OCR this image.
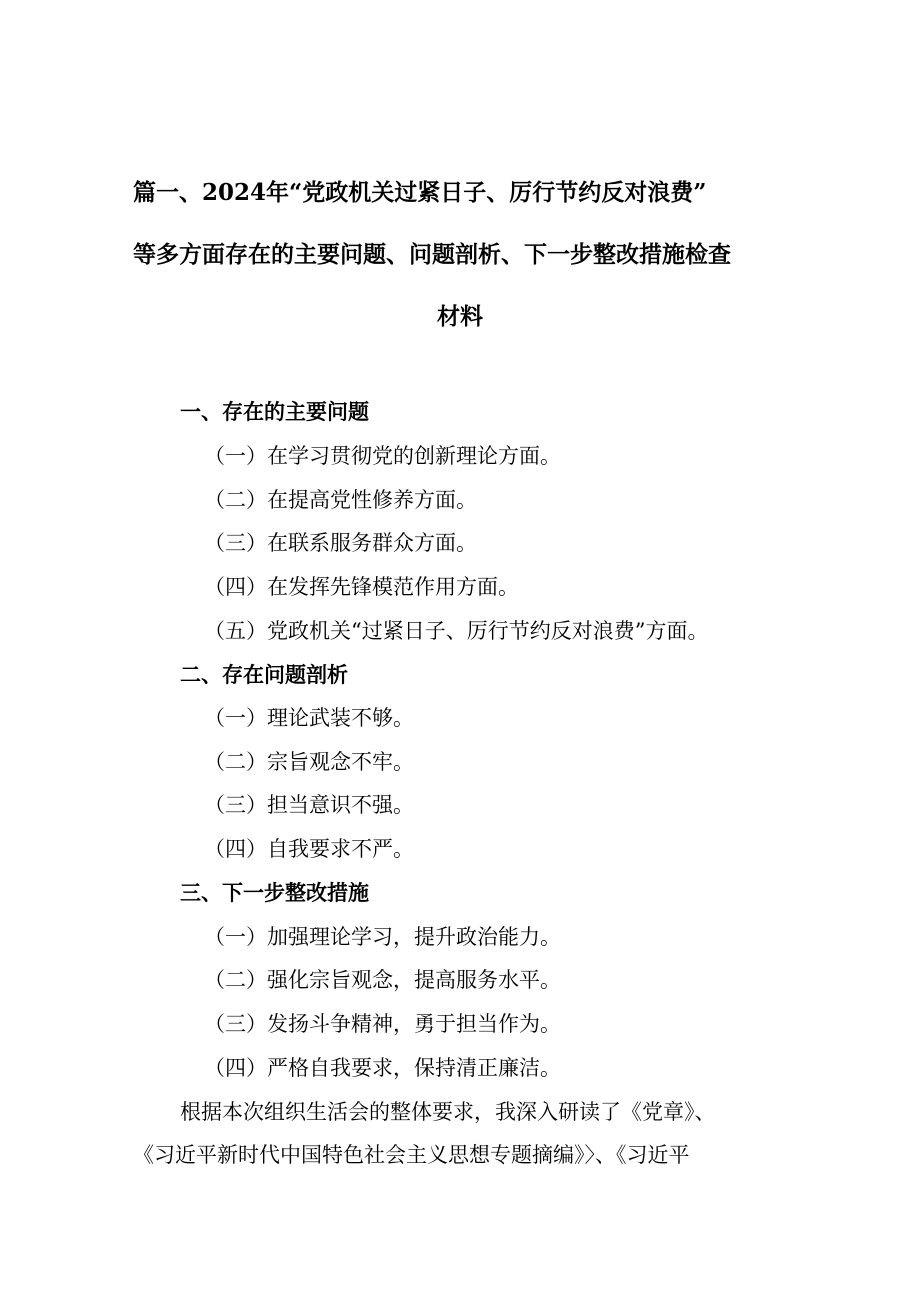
篇一、2024年“党政机关过紧日子、厉行节约反对浪费”
等多方面存在的主要问题、问题剖析、下一步整改措施检查
材料
一、存在的主要问题
（一）在学习贯彻党的创新理论方面。
（二）在提高党性修养方面。
（三）在联系服务群众方面。
（四）在发挥先锋模范作用方面。
（五）党政机关“过紧日子、厉行节约反对浪费”方面。
二、存在问题剖析
（一）理论武装不够。
（二）宗旨观念不牢。
（三）担当意识不强。
（四）自我要求不严。
三、下一步整改措施
（一）加强理论学习，提升政治能力。
（二）强化宗旨观念，提高服务水平。
（三）发扬斗争精神，勇于担当作为。
（四）严格自我要求，保持清正廉洁。
根据本次组织生活会的整体要求，我深入研读了《党章》、
《习近平新时代中国特色社会主义思想专题摘编》〉、《习近平
